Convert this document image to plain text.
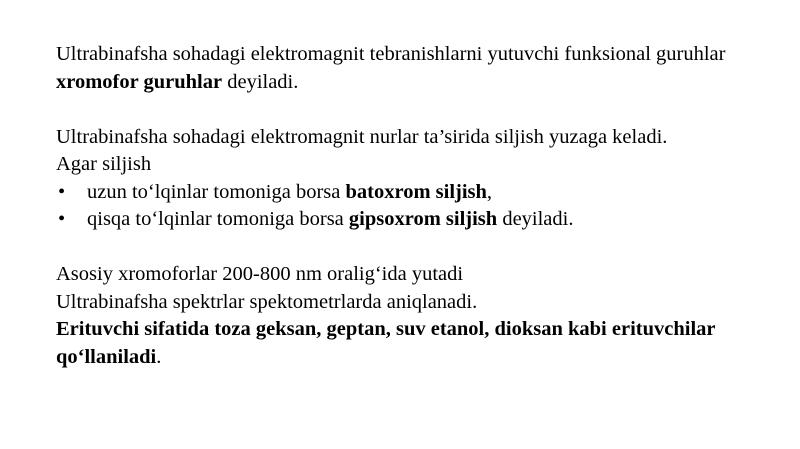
Ultrabinafsha sohadagi elektromagnit tebranishlarni yutuvchi funksional guruhlar xromofor guruhlar deyiladi.

Ultrabinafsha sohadagi elektromagnit nurlar ta’sirida siljish yuzaga keladi.
Agar siljish

• uzun to‘lqinlar tomoniga borsa batoxrom siljish,
• qisqa to‘lqinlar tomoniga borsa gipsoxrom siljish deyiladi.

Asosiy xromoforlar 200-800 nm oralig‘ida yutadi
Ultrabinafsha spektrlar spektometrlarda aniqlanadi.
Erituvchi sifatida toza geksan, geptan, suv etanol, dioksan kabi erituvchilar qo‘llaniladi.
